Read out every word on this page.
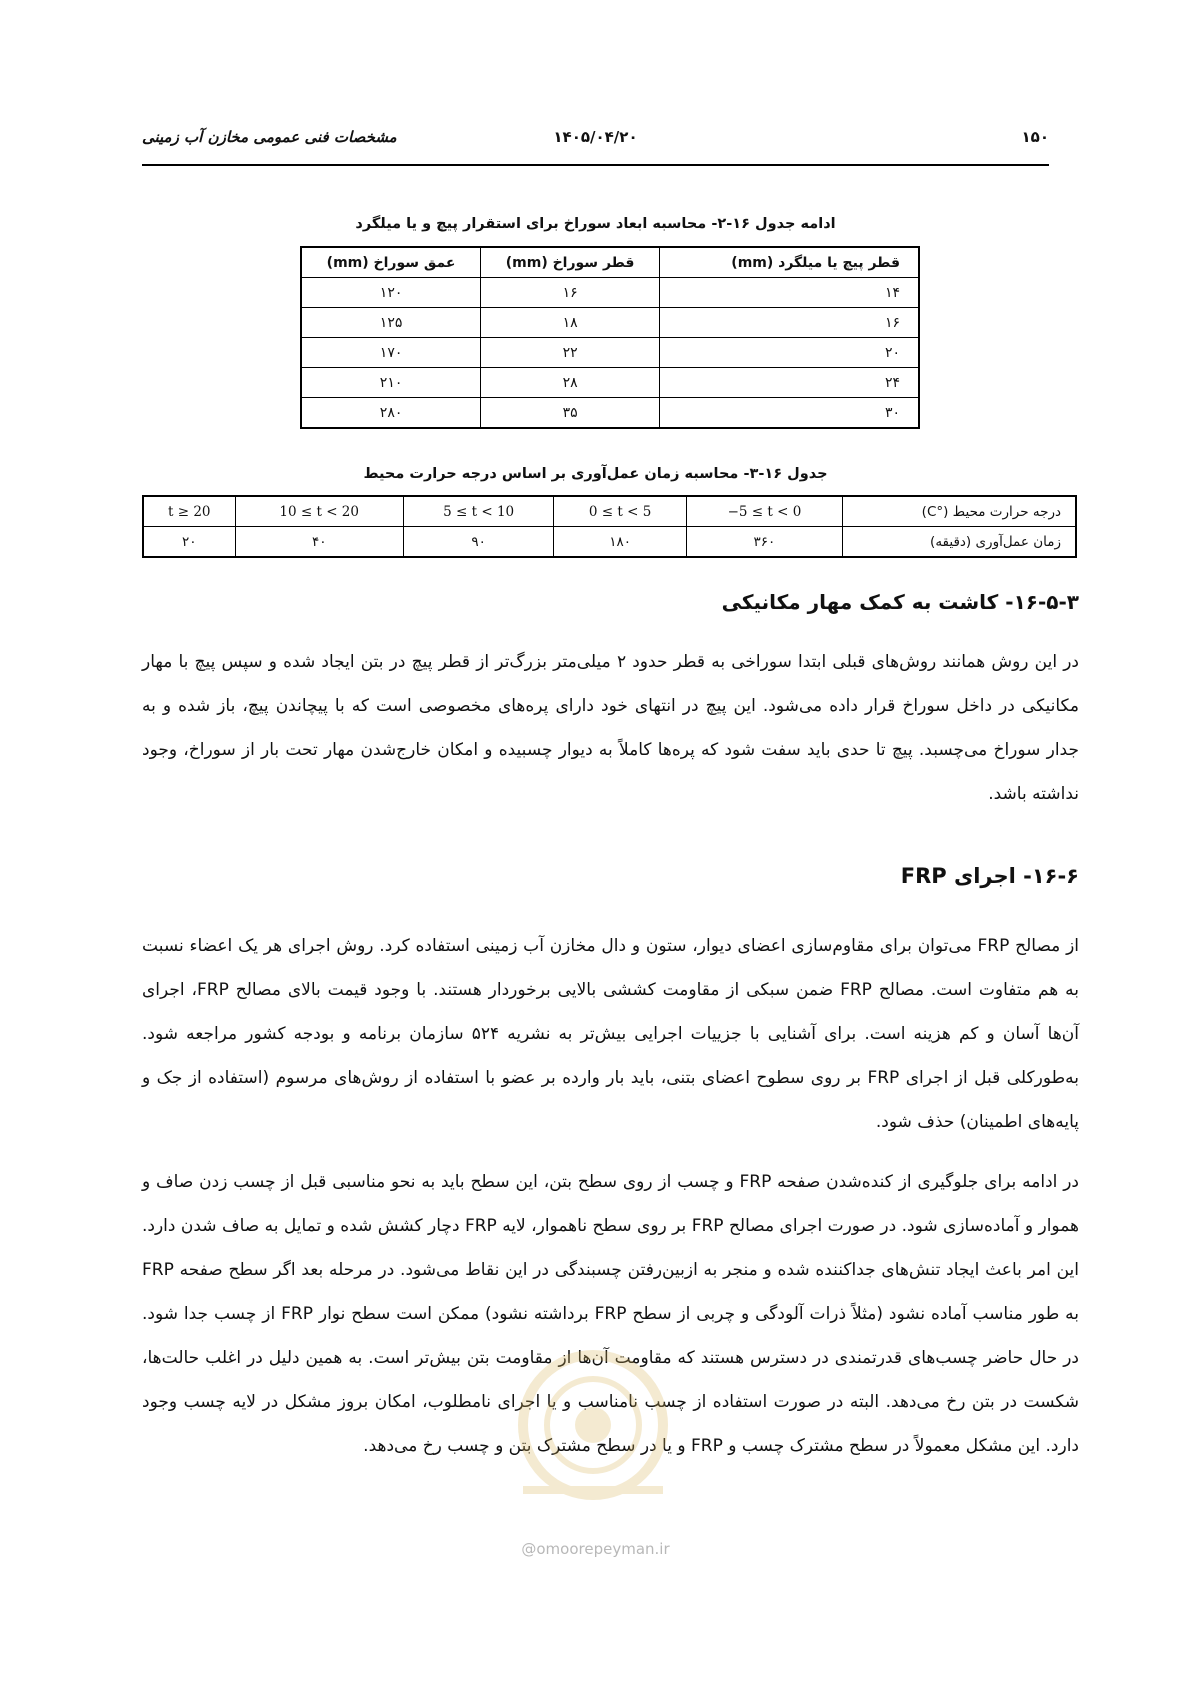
۱۵۰
۱۴۰۵/۰۴/۲۰
مشخصات فنی عمومی مخازن آب زمینی
ادامه جدول ۱۶-۲- محاسبه ابعاد سوراخ برای استقرار پیچ و یا میلگرد
قطر پیچ یا میلگرد (mm)	قطر سوراخ (mm)	عمق سوراخ (mm)
۱۴	۱۶	۱۲۰
۱۶	۱۸	۱۲۵
۲۰	۲۲	۱۷۰
۲۴	۲۸	۲۱۰
۳۰	۳۵	۲۸۰
جدول ۱۶-۳- محاسبه زمان عمل‌آوری بر اساس درجه حرارت محیط
درجه حرارت محیط (°C)	−5 ≤ t < 0	0 ≤ t < 5	5 ≤ t < 10	10 ≤ t < 20	t ≥ 20
زمان عمل‌آوری (دقیقه)	۳۶۰	۱۸۰	۹۰	۴۰	۲۰
۱۶-۵-۳- کاشت به کمک مهار مکانیکی
در این روش همانند روش‌های قبلی ابتدا سوراخی به قطر حدود ۲ میلی‌متر بزرگ‌تر از قطر پیچ در بتن ایجاد شده و سپس پیچ با مهار مکانیکی در داخل سوراخ قرار داده می‌شود. این پیچ در انتهای خود دارای پره‌های مخصوصی است که با پیچاندن پیچ، باز شده و به جدار سوراخ می‌چسبد. پیچ تا حدی باید سفت شود که پره‌ها کاملاً به دیوار چسبیده و امکان خارج‌شدن مهار تحت بار از سوراخ، وجود نداشته باشد.
۱۶-۶- اجرای FRP
از مصالح FRP می‌توان برای مقاوم‌سازی اعضای دیوار، ستون و دال مخازن آب زمینی استفاده کرد. روش اجرای هر یک اعضاء نسبت به هم متفاوت است. مصالح FRP ضمن سبکی از مقاومت کششی بالایی برخوردار هستند. با وجود قیمت بالای مصالح FRP، اجرای آن‌ها آسان و کم هزینه است. برای آشنایی با جزییات اجرایی بیش‌تر به نشریه ۵۲۴ سازمان برنامه و بودجه کشور مراجعه شود. به‌طورکلی قبل از اجرای FRP بر روی سطوح اعضای بتنی، باید بار وارده بر عضو با استفاده از روش‌های مرسوم (استفاده از جک و پایه‌های اطمینان) حذف شود.
در ادامه برای جلوگیری از کنده‌شدن صفحه FRP و چسب از روی سطح بتن، این سطح باید به نحو مناسبی قبل از چسب زدن صاف و هموار و آماده‌سازی شود. در صورت اجرای مصالح FRP بر روی سطح ناهموار، لایه FRP دچار کشش شده و تمایل به صاف شدن دارد. این امر باعث ایجاد تنش‌های جداکننده شده و منجر به ازبین‌رفتن چسبندگی در این نقاط می‌شود. در مرحله بعد اگر سطح صفحه FRP به طور مناسب آماده نشود (مثلاً ذرات آلودگی و چربی از سطح FRP برداشته نشود) ممکن است سطح نوار FRP از چسب جدا شود. در حال حاضر چسب‌های قدرتمندی در دسترس هستند که مقاومت آن‌ها از مقاومت بتن بیش‌تر است. به همین دلیل در اغلب حالت‌ها، شکست در بتن رخ می‌دهد. البته در صورت استفاده از چسب نامناسب و یا اجرای نامطلوب، امکان بروز مشکل در لایه چسب وجود دارد. این مشکل معمولاً در سطح مشترک چسب و FRP و یا در سطح مشترک بتن و چسب رخ می‌دهد.
@omoorepeyman.ir
